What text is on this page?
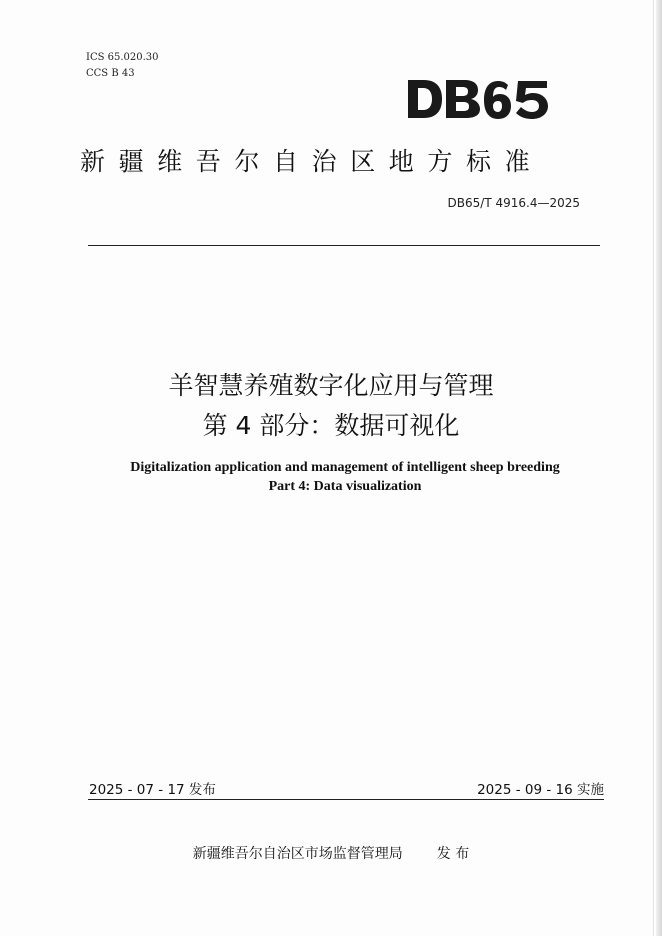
ICS 65.020.30
CCS B 43
新疆维吾尔自治区地方标准
DB65/T 4916.4—2025
羊智慧养殖数字化应用与管理
第 4 部分：数据可视化
Digitalization application and management of intelligent sheep breeding
Part 4: Data visualization
2025 - 07 - 17 发布	2025 - 09 - 16 实施
新疆维吾尔自治区市场监督管理局 发 布
